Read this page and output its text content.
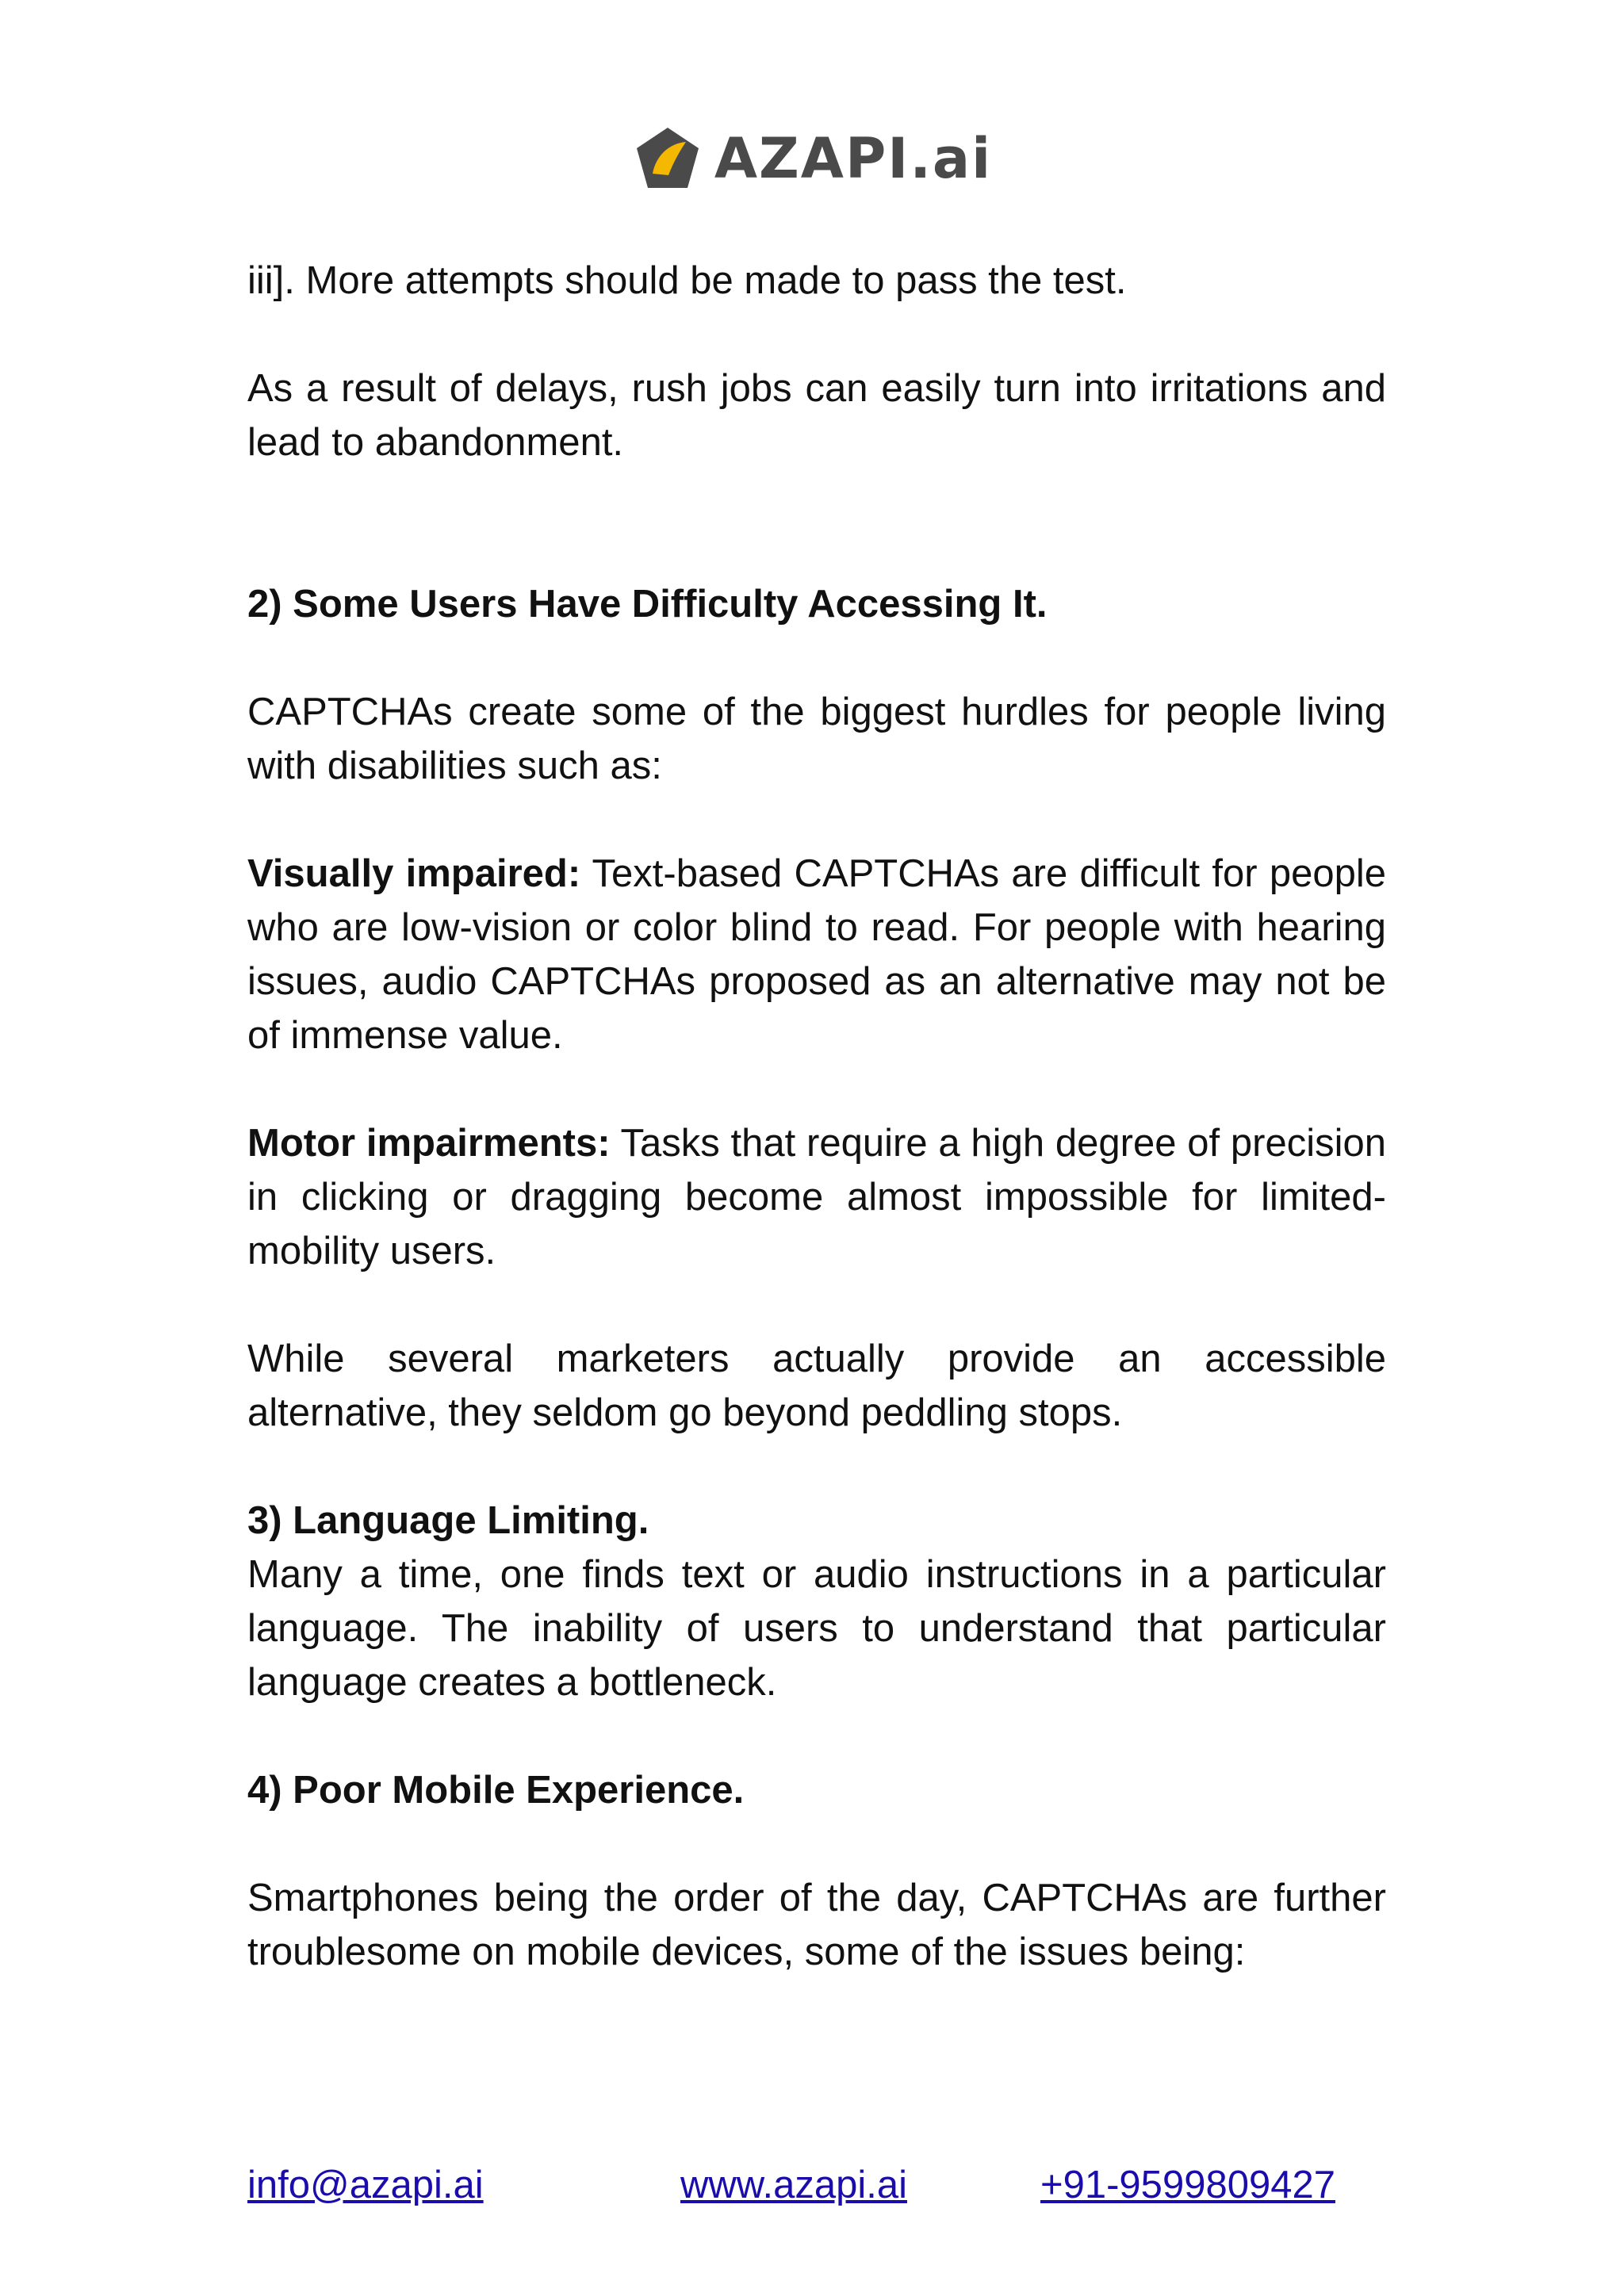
AZAPI.ai

iii]. More attempts should be made to pass the test.

As a result of delays, rush jobs can easily turn into irritations and lead to abandonment.

2) Some Users Have Difficulty Accessing It.

CAPTCHAs create some of the biggest hurdles for people living with disabilities such as:

Visually impaired: Text-based CAPTCHAs are difficult for people who are low-vision or color blind to read. For people with hearing issues, audio CAPTCHAs proposed as an alternative may not be of immense value.

Motor impairments: Tasks that require a high degree of precision in clicking or dragging become almost impossible for limited-mobility users.

While several marketers actually provide an accessible alternative, they seldom go beyond peddling stops.

3) Language Limiting.

Many a time, one finds text or audio instructions in a particular language. The inability of users to understand that particular language creates a bottleneck.

4) Poor Mobile Experience.

Smartphones being the order of the day, CAPTCHAs are further troublesome on mobile devices, some of the issues being:

info@azapi.ai	www.azapi.ai	+91-9599809427
